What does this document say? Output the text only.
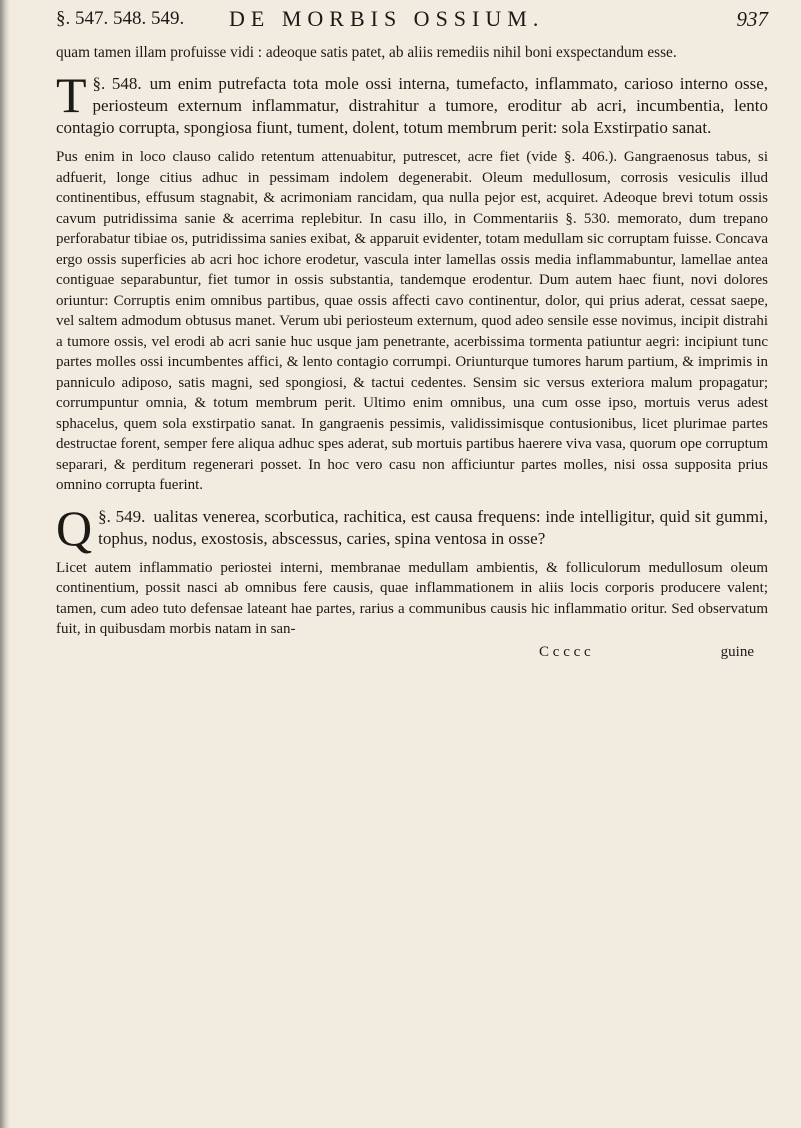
§. 547. 548. 549. DE MORBIS OSSIUM.	937

quam tamen illam profuisse vidi : adeoque satis patet, ab aliis remediis nihil boni exspectandum esse.

§. 548.
T	um enim putrefacta tota mole ossi interna, tumefacto, inflammato, carioso interno osse, periosteum externum inflammatur, distrahitur a tumore, eroditur ab acri, incumbentia, lento contagio corrupta, spongiosa fiunt, tument, dolent, totum membrum perit: sola Exstirpatio sanat.

Pus enim in loco clauso calido retentum attenuabitur, putrescet, acre fiet (vide §. 406.). Gangraenosus tabus, si adfuerit, longe citius adhuc in pessimam indolem degenerabit. Oleum medullosum, corrosis vesiculis illud continentibus, effusum stagnabit, & acrimoniam rancidam, qua nulla pejor est, acquiret. Adeoque brevi totum ossis cavum putridissima sanie & acerrima replebitur. In casu illo, in Commentariis §. 530. memorato, dum trepano perforabatur tibiae os, putridissima sanies exibat, & apparuit evidenter, totam medullam sic corruptam fuisse. Concava ergo ossis superficies ab acri hoc ichore erodetur, vascula inter lamellas ossis media inflammabuntur, lamellae antea contiguae separabuntur, fiet tumor in ossis substantia, tandemque erodentur. Dum autem haec fiunt, novi dolores oriuntur: Corruptis enim omnibus partibus, quae ossis affecti cavo continentur, dolor, qui prius aderat, cessat saepe, vel saltem admodum obtusus manet. Verum ubi periosteum externum, quod adeo sensile esse novimus, incipit distrahi a tumore ossis, vel erodi ab acri sanie huc usque jam penetrante, acerbissima tormenta patiuntur aegri: incipiunt tunc partes molles ossi incumbentes affici, & lento contagio corrumpi. Oriunturque tumores harum partium, & imprimis in panniculo adiposo, satis magni, sed spongiosi, & tactui cedentes. Sensim sic versus exteriora malum propagatur; corrumpuntur omnia, & totum membrum perit. Ultimo enim omnibus, una cum osse ipso, mortuis verus adest sphacelus, quem sola exstirpatio sanat. In gangraenis pessimis, validissimisque contusionibus, licet plurimae partes destructae forent, semper fere aliqua adhuc spes aderat, sub mortuis partibus haerere viva vasa, quorum ope corruptum separari, & perditum regenerari posset. In hoc vero casu non afficiuntur partes molles, nisi ossa supposita prius omnino corrupta fuerint.

§. 549.
Q	ualitas venerea, scorbutica, rachitica, est causa frequens: inde intelligitur, quid sit gummi, tophus, nodus, exostosis, abscessus, caries, spina ventosa in osse?

Licet autem inflammatio periostei interni, membranae medullam ambientis, & folliculorum medullosum oleum continentium, possit nasci ab omnibus fere causis, quae inflammationem in aliis locis corporis producere valent; tamen, cum adeo tuto defensae lateant hae partes, rarius a communibus causis hic inflammatio oritur. Sed observatum fuit, in quibusdam morbis natam in san-

C c c c c	guine
